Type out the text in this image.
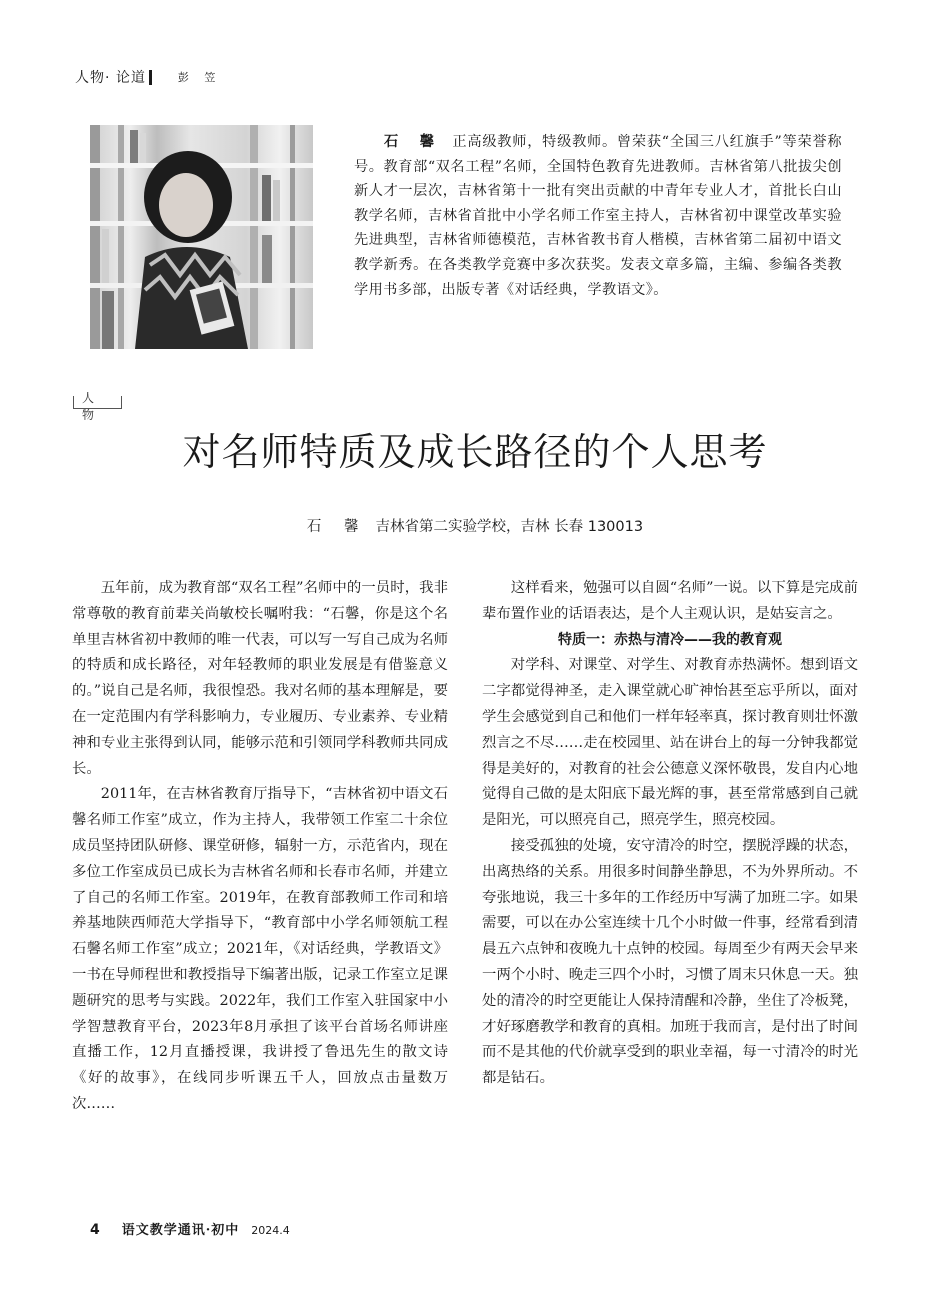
人物· 论道	彭 笠
石 馨 正高级教师，特级教师。曾荣获“全国三八红旗手”等荣誉称号。教育部“双名工程”名师，全国特色教育先进教师。吉林省第八批拔尖创新人才一层次，吉林省第十一批有突出贡献的中青年专业人才，首批长白山教学名师，吉林省首批中小学名师工作室主持人，吉林省初中课堂改革实验先进典型，吉林省师德模范，吉林省教书育人楷模，吉林省第二届初中语文教学新秀。在各类教学竞赛中多次获奖。发表文章多篇，主编、参编各类教学用书多部，出版专著《对话经典，学教语文》。
人 物
对名师特质及成长路径的个人思考
石 馨 吉林省第二实验学校，吉林 长春 130013

五年前，成为教育部“双名工程”名师中的一员时，我非常尊敬的教育前辈关尚敏校长嘱咐我：“石馨，你是这个名单里吉林省初中教师的唯一代表，可以写一写自己成为名师的特质和成长路径，对年轻教师的职业发展是有借鉴意义的。”说自己是名师，我很惶恐。我对名师的基本理解是，要在一定范围内有学科影响力，专业履历、专业素养、专业精神和专业主张得到认同，能够示范和引领同学科教师共同成长。

2011年，在吉林省教育厅指导下，“吉林省初中语文石馨名师工作室”成立，作为主持人，我带领工作室二十余位成员坚持团队研修、课堂研修，辐射一方，示范省内，现在多位工作室成员已成长为吉林省名师和长春市名师，并建立了自己的名师工作室。2019年，在教育部教师工作司和培养基地陕西师范大学指导下，“教育部中小学名师领航工程石馨名师工作室”成立；2021年，《对话经典，学教语文》一书在导师程世和教授指导下编著出版，记录工作室立足课题研究的思考与实践。2022年，我们工作室入驻国家中小学智慧教育平台，2023年8月承担了该平台首场名师讲座直播工作，12月直播授课，我讲授了鲁迅先生的散文诗《好的故事》，在线同步听课五千人，回放点击量数万次……

这样看来，勉强可以自圆“名师”一说。以下算是完成前辈布置作业的话语表达，是个人主观认识，是姑妄言之。

特质一：赤热与清冷——我的教育观

对学科、对课堂、对学生、对教育赤热满怀。想到语文二字都觉得神圣，走入课堂就心旷神怡甚至忘乎所以，面对学生会感觉到自己和他们一样年轻率真，探讨教育则壮怀激烈言之不尽……走在校园里、站在讲台上的每一分钟我都觉得是美好的，对教育的社会公德意义深怀敬畏，发自内心地觉得自己做的是太阳底下最光辉的事，甚至常常感到自己就是阳光，可以照亮自己，照亮学生，照亮校园。

接受孤独的处境，安守清冷的时空，摆脱浮躁的状态，出离热络的关系。用很多时间静坐静思，不为外界所动。不夸张地说，我三十多年的工作经历中写满了加班二字。如果需要，可以在办公室连续十几个小时做一件事，经常看到清晨五六点钟和夜晚九十点钟的校园。每周至少有两天会早来一两个小时、晚走三四个小时，习惯了周末只休息一天。独处的清冷的时空更能让人保持清醒和冷静，坐住了冷板凳，才好琢磨教学和教育的真相。加班于我而言，是付出了时间而不是其他的代价就享受到的职业幸福，每一寸清冷的时光都是钻石。

4 语文教学通讯·初中 2024.4
